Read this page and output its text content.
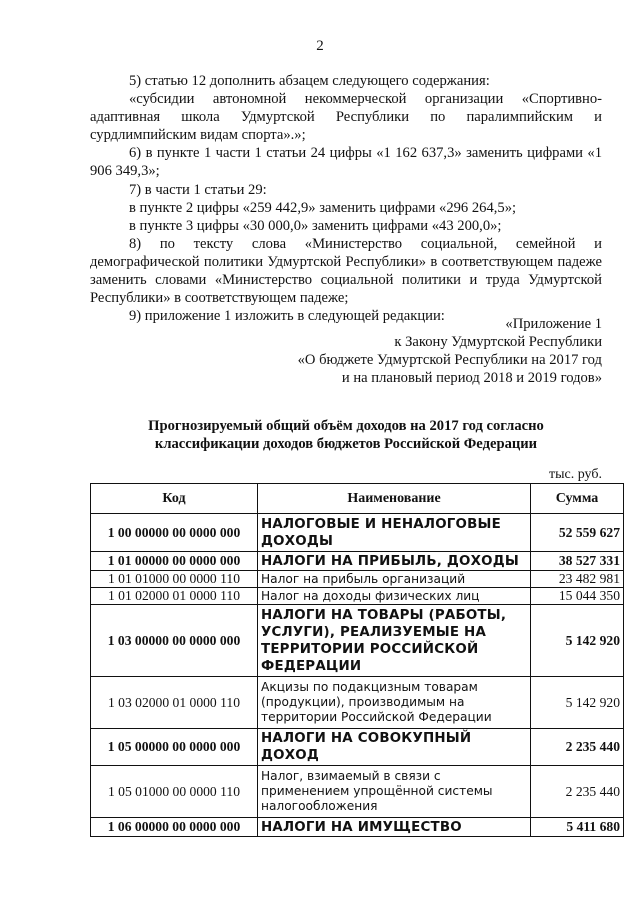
2

5) статью 12 дополнить абзацем следующего содержания:

«субсидии автономной некоммерческой организации «Спортивно-адаптивная школа Удмуртской Республики по паралимпийским и сурдлимпийским видам спорта».»;

6) в пункте 1 части 1 статьи 24 цифры «1 162 637,3» заменить цифрами «1 906 349,3»;

7) в части 1 статьи 29:

в пункте 2 цифры «259 442,9» заменить цифрами «296 264,5»;

в пункте 3 цифры «30 000,0» заменить цифрами «43 200,0»;

8) по тексту слова «Министерство социальной, семейной и демографической политики Удмуртской Республики» в соответствующем падеже заменить словами «Министерство социальной политики и труда Удмуртской Республики» в соответствующем падеже;

9) приложение 1 изложить в следующей редакции:	«Приложение 1
к Закону Удмуртской Республики
«О бюджете Удмуртской Республики на 2017 год
и на плановый период 2018 и 2019 годов»
Прогнозируемый общий объём доходов на 2017 год согласно
классификации доходов бюджетов Российской Федерации
тыс. руб.
Код	Наименование	Сумма
1 00 00000 00 0000 000	НАЛОГОВЫЕ И НЕНАЛОГОВЫЕ ДОХОДЫ	52 559 627
1 01 00000 00 0000 000	НАЛОГИ НА ПРИБЫЛЬ, ДОХОДЫ	38 527 331
1 01 01000 00 0000 110	Налог на прибыль организаций	23 482 981
1 01 02000 01 0000 110	Налог на доходы физических лиц	15 044 350
1 03 00000 00 0000 000	НАЛОГИ НА ТОВАРЫ (РАБОТЫ, УСЛУГИ), РЕАЛИЗУЕМЫЕ НА ТЕРРИТОРИИ РОССИЙСКОЙ ФЕДЕРАЦИИ	5 142 920
1 03 02000 01 0000 110	Акцизы по подакцизным товарам (продукции), производимым на территории Российской Федерации	5 142 920
1 05 00000 00 0000 000	НАЛОГИ НА СОВОКУПНЫЙ ДОХОД	2 235 440
1 05 01000 00 0000 110	Налог, взимаемый в связи с применением упрощённой системы налогообложения	2 235 440
1 06 00000 00 0000 000	НАЛОГИ НА ИМУЩЕСТВО	5 411 680
